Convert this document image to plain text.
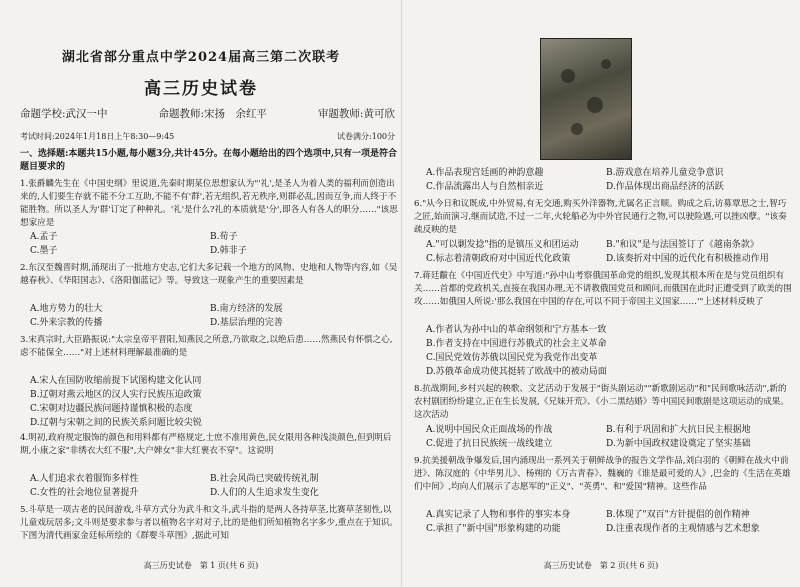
湖北省部分重点中学2024届高三第二次联考
高三历史试卷
命题学校:武汉一中	命题教师:宋扬　余红平	审题教师:黄可欣
考试时间:2024年1月18日上午8:30—9:45	试卷满分:100分
一、选择题:本题共15小题,每小题3分,共计45分。在每小题给出的四个选项中,只有一项是符合题目要求的
1.张爵麟先生在《中国史纲》里说道,先秦时期某位思想家认为"'礼',是圣人为着人类的福利而创造出来的,人们要生存就不能不分工互助,不能不有'群',若无组织,若无秩序,则群必乱,因而互争,而人终于不能胜物。所以圣人为'群'订定了种种礼。'礼'是什么?礼的本质就是'分',即各人有各人的职分……"该思想家应是
A.孟子	B.荀子
C.墨子	D.韩非子
2.东汉至魏晋时期,涌现出了一批地方史志,它们大多记载一个地方的风物、史地和人物等内容,如《吴越春秋》、《华阳国志》、《洛阳伽蓝记》等。导致这一现象产生的重要因素是
A.地方势力的壮大	B.南方经济的发展
C.外来宗教的传播	D.基层治理的完善
3.宋真宗时,大臣路振说:"太宗皇帝平晋阳,知燕民之所意,乃欲取之,以绝后患……然燕民有怀惧之心,虑不能保全……"对上述材料理解最准确的是
A.宋人在国防收缩前提下试图构建文化认同
B.辽朝对燕云地区的汉人实行民族压迫政策
C.宋朝对边疆民族问题持谨慎积极的态度
D.辽朝与宋朝之间的民族关系问题比较尖锐
4.明初,政府规定服饰的颜色和用料都有严格规定,士庶不准用黄色,民女限用各种浅淡颜色,但到明后期,小康之家"非绣衣大红不服",大户婢女"非大红裹衣不穿"。这说明
A.人们追求衣着服饰多样性	B.社会风尚已突破传统礼制
C.女性的社会地位显著提升	D.人们的人生追求发生变化
5.斗草是一项古老的民间游戏,斗草方式分为武斗和文斗,武斗指的是两人各持草茎,比赛草茎韧性,以儿童戏玩居多;文斗则是要求参与者以植物名字对对子,比的是他们所知植物名字多少,重点在于知识。下图为清代画家金廷标所绘的《群婴斗草图》,据此可知
高三历史试卷　第 1 页(共 6 页)
A.作品表现宫廷画的神韵意趣	B.游戏意在培养儿童竞争意识
C.作品流露出人与自然相亲近	D.作品体现出商品经济的活跃
6."从今日和议既成,中外贸易,有无交通,购买外洋器物,尤属名正言顺。购成之后,访募覃思之士,智巧之匠,始而演习,继而试造,不过一二年,火轮船必为中外官民通行之物,可以驶险遇,可以挫凶孽。"该奏疏反映的是
A."可以剿发捻"指的是镇压义和团运动	B."和议"是与法国签订了《越南条款》
C.标志着清朝政府对中国近代化政策	D.该奏折对中国的近代化有积极推动作用
7.蒋廷黻在《中国近代史》中写道:"孙中山考察俄国革命党的组织,发现其根本所在是与党员组织有关……首都的党政机关,直接在我国办理,无不请教俄国党员和顾问,而俄国在此时正遭受到了欧美的围攻……如俄国人所说:'那么我国在中国的存在,可以不同于帝国主义国家……'"上述材料反映了
A.作者认为孙中山的革命纲领和宁方基本一致
B.作者支持在中国进行苏俄式的社会主义革命
C.国民党效仿苏俄以国民党为我党作出变革
D.苏俄革命成功使其挺转了欧战中的被动局面
8.抗战期间,乡村兴起的秧歌、文艺活动于发展于"街头剧运动""新歌剧运动"和"民间歌咏活动",新的农村剧团纷纷建立,正在生长发展,《兄妹开荒》、《小二黑结婚》等中国民间歌剧是这项运动的成果。这次活动
A.说明中国民众正面战场的作战	B.有利于巩固和扩大抗日民主根据地
C.促进了抗日民族统一战线建立	D.为新中国政权建设奠定了坚实基础
9.抗美援朝战争爆发后,国内涌现出一系列关于朝鲜战争的报告文学作品,刘白羽的《朝鲜在战火中前进》、陈汉庭的《中华男儿》、杨朔的《万古青春》、魏巍的《谁是最可爱的人》,巴金的《生活在英雄们中间》,均向人们展示了志愿军的"正义"、"英勇"、和"爱国"精神。这些作品
A.真实记录了人物和事件的事实本身	B.体现了"双百"方针提倡的创作精神
C.承担了"新中国"形象构建的功能	D.注重表现作者的主观情感与艺术想象
高三历史试卷　第 2 页(共 6 页)
